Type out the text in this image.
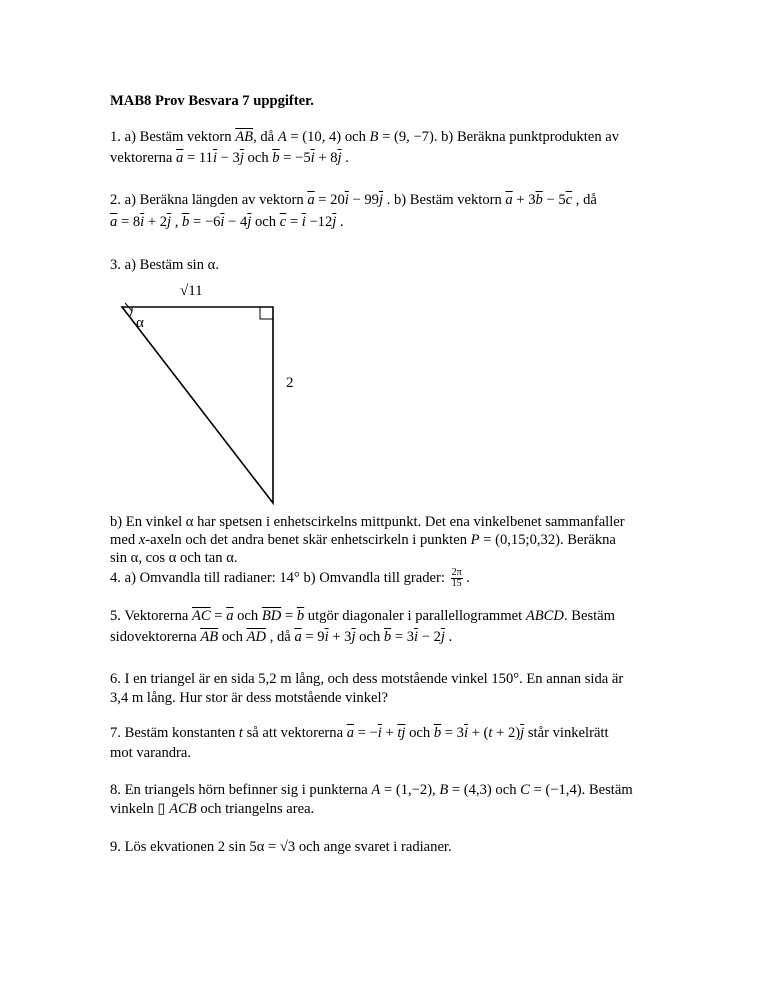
MAB8 Prov Besvara 7 uppgifter.
1. a) Bestäm vektorn $\overline{AB}$, då A = (10, 4) och B = (9, −7). b) Beräkna punktprodukten av
vektorerna $\overline{a} = 11\overline{i} - 3\overline{j}$ och $\overline{b} = -5\overline{i} + 8\overline{j}$ .
2. a) Beräkna längden av vektorn $\overline{a} = 20\overline{i} - 99\overline{j}$ . b) Bestäm vektorn $\overline{a} + 3\overline{b} - 5\overline{c}$ , då
$\overline{a} = 8\overline{i} + 2\overline{j}$ , $\overline{b} = -6\overline{i} - 4\overline{j}$ och $\overline{c} = \overline{i} -12\overline{j}$ .
3. a) Bestäm sin α.
α
√11
2
b) En vinkel α har spetsen i enhetscirkelns mittpunkt. Det ena vinkelbenet sammanfaller
med x-axeln och det andra benet skär enhetscirkeln i punkten P = (0,15;0,32). Beräkna
sin α, cos α och tan α.
4. a) Omvandla till radianer: 14° b) Omvandla till grader: $\frac{2\pi}{15}$ .
5. Vektorerna $\overline{AC} = \overline{a}$ och $\overline{BD} = \overline{b}$ utgör diagonaler i parallellogrammet ABCD. Bestäm
sidovektorerna $\overline{AB}$ och $\overline{AD}$ , då $\overline{a} = 9\overline{i} + 3\overline{j}$ och $\overline{b} = 3\overline{i} - 2\overline{j}$ .
6. I en triangel är en sida 5,2 m lång, och dess motstående vinkel 150°. En annan sida är
3,4 m lång. Hur stor är dess motstående vinkel?
7. Bestäm konstanten t så att vektorerna $\overline{a} = -\overline{i} + \overline{tj}$ och $\overline{b} = 3\overline{i} + (t + 2)\overline{j}$ står vinkelrätt
mot varandra.
8. En triangels hörn befinner sig i punkterna A = (1,−2), B = (4,3) och C = (−1,4). Bestäm
vinkeln ▯ ACB och triangelns area.
9. Lös ekvationen 2 sin 5α = √3 och ange svaret i radianer.
